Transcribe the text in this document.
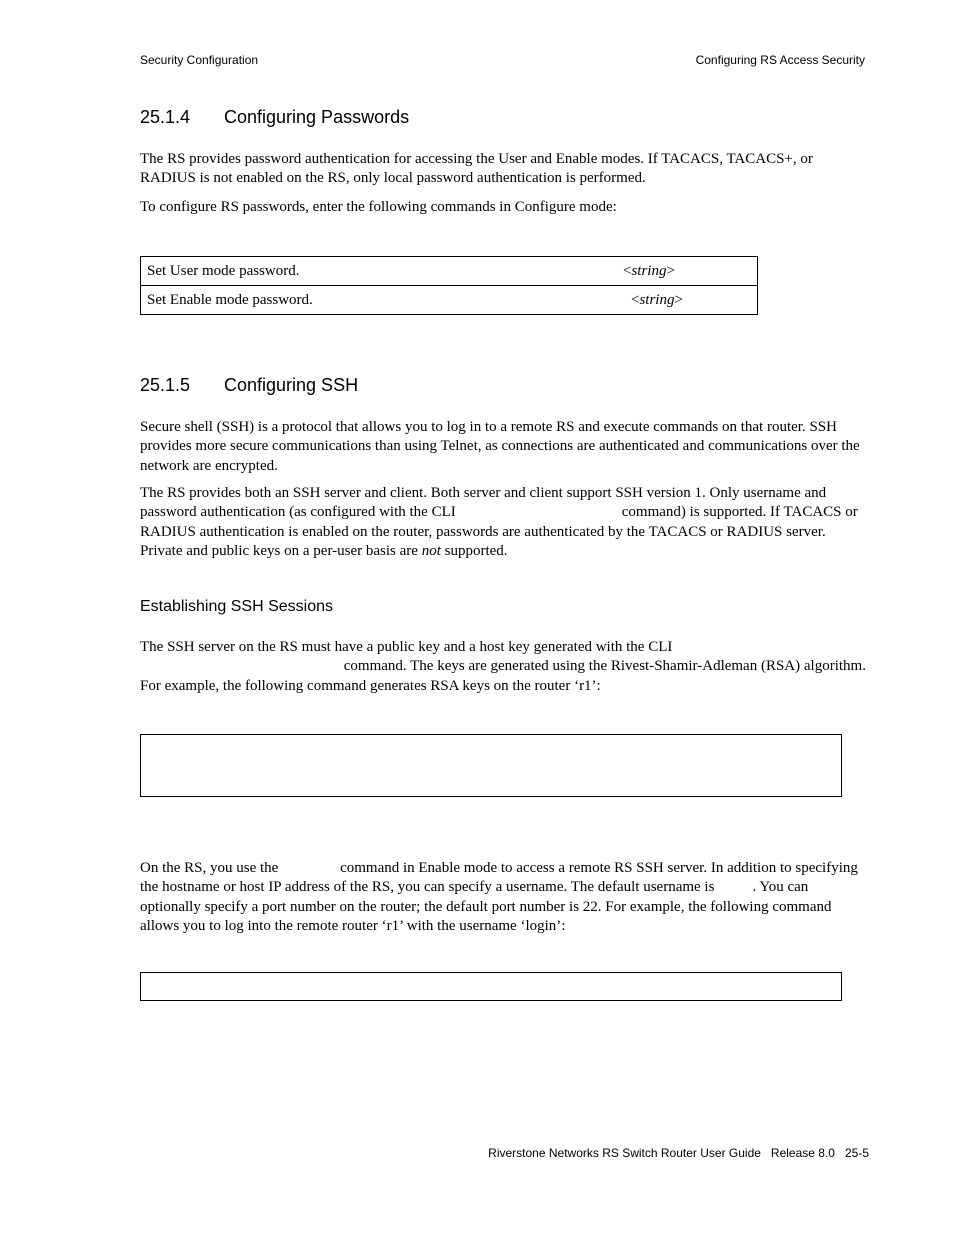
Security Configuration	Configuring RS Access Security
25.1.4 Configuring Passwords

The RS provides password authentication for accessing the User and Enable modes. If TACACS, TACACS+, or RADIUS is not enabled on the RS, only local password authentication is performed.

To configure RS passwords, enter the following commands in Configure mode:

Set User mode password.	<string>
Set Enable mode password.	<string>
25.1.5 Configuring SSH

Secure shell (SSH) is a protocol that allows you to log in to a remote RS and execute commands on that router. SSH provides more secure communications than using Telnet, as connections are authenticated and communications over the network are encrypted.

The RS provides both an SSH server and client. Both server and client support SSH version 1. Only username and password authentication (as configured with the CLI	command) is supported. If TACACS or RADIUS authentication is enabled on the router, passwords are authenticated by the TACACS or RADIUS server. Private and public keys on a per-user basis are not supported.

Establishing SSH Sessions

The SSH server on the RS must have a public key and a host key generated with the CLI command. The keys are generated using the Rivest-Shamir-Adleman (RSA) algorithm. For example, the following command generates RSA keys on the router ‘r1’:

On the RS, you use the	command in Enable mode to access a remote RS SSH server. In addition to specifying the hostname or host IP address of the RS, you can specify a username. The default username is	. You can optionally specify a port number on the router; the default port number is 22. For example, the following command allows you to log into the remote router ‘r1’ with the username ‘login’:

Riverstone Networks RS Switch Router User Guide Release 8.0 25-5
